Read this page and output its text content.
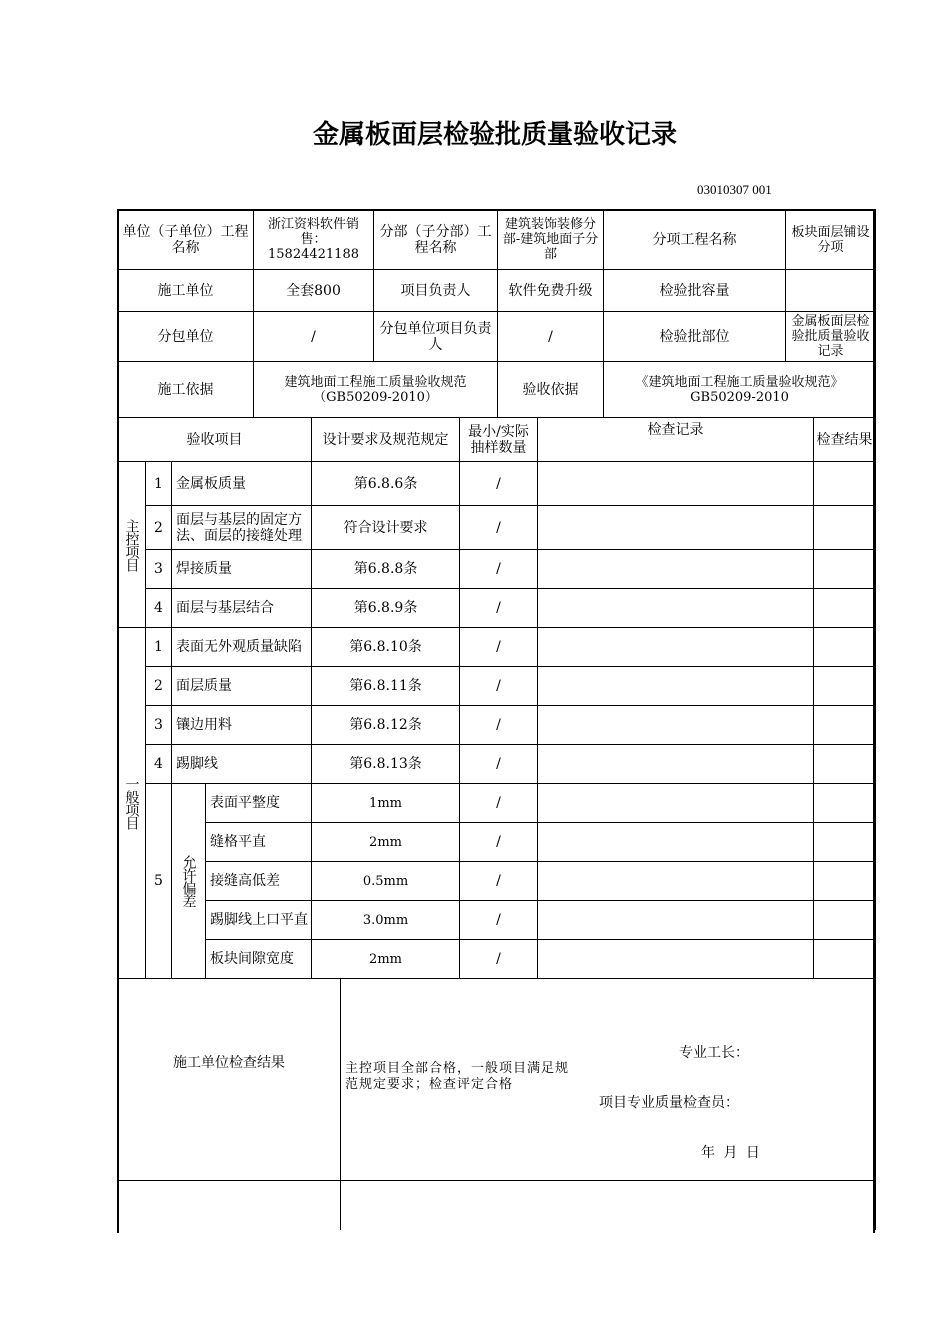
金属板面层检验批质量验收记录
03010307 001
单位（子单位）工程名称				浙江资料软件销售：15824421188			分部（子分部）工程名称		建筑装饰装修分部-建筑地面子分部		分项工程名称	板块面层铺设分项	
施工单位				全套800			项目负责人		软件免费升级		检验批容量		
分包单位				/			分包单位项目负责人		/		检验批部位	金属板面层检验批质量验收记录	
施工依据				建筑地面工程施工质量验收规范（GB50209-2010）					验收依据		《建筑地面工程施工质量验收规范》GB50209-2010		
验收项目					设计要求及规范规定			最小/实际抽样数量		检查记录			检查结果

主控项目	1	金属板质量			第6.8.6条			/					
	2	面层与基层的固定方法、面层的接缝处理			符合设计要求			/					
	3	焊接质量			第6.8.8条			/					
	4	面层与基层结合			第6.8.9条			/					

一般项目	1	表面无外观质量缺陷			第6.8.10条			/					
	2	面层质量			第6.8.11条			/					
	3	镶边用料			第6.8.12条			/					
	4	踢脚线			第6.8.13条			/					
	5	允许偏差	表面平整度		1mm			/					
			缝格平直		2mm			/					
			接缝高低差		0.5mm			/					
			踢脚线上口平直		3.0mm			/					
			板块间隙宽度		2mm			/					
施工单位检查结果						主控项目全部合格，一般项目满足规范规定要求；检查评定合格
专业工长：
项目专业质量检查员：
年 月 日							
